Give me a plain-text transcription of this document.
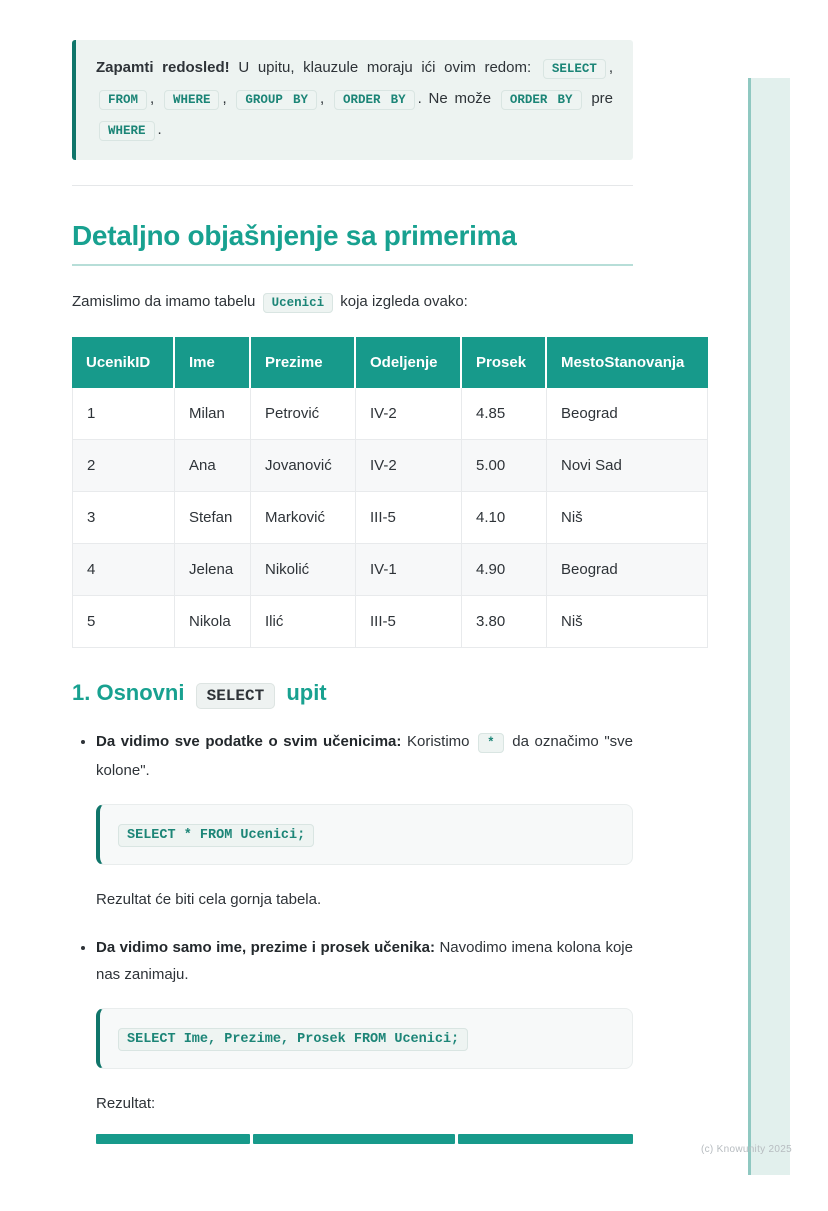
(c) Knowunity 2025

Zapamti redosled! U upitu, klauzule moraju ići ovim redom: SELECT , FROM , WHERE , GROUP BY , ORDER BY . Ne može ORDER BY pre WHERE .

Detaljno objašnjenje sa primerima

Zamislimo da imamo tabelu Ucenici koja izgleda ovako:

UcenikID	Ime	Prezime	Odeljenje	Prosek	MestoStanovanja
1	Milan	Petrović	IV-2	4.85	Beograd
2	Ana	Jovanović	IV-2	5.00	Novi Sad
3	Stefan	Marković	III-5	4.10	Niš
4	Jelena	Nikolić	IV-1	4.90	Beograd
5	Nikola	Ilić	III-5	3.80	Niš
1. Osnovni SELECT upit

• Da vidimo sve podatke o svim učenicima: Koristimo * da označimo "sve kolone".

SELECT * FROM Ucenici;

Rezultat će biti cela gornja tabela.

• Da vidimo samo ime, prezime i prosek učenika: Navodimo imena kolona koje nas zanimaju.

SELECT Ime, Prezime, Prosek FROM Ucenici;

Rezultat:
